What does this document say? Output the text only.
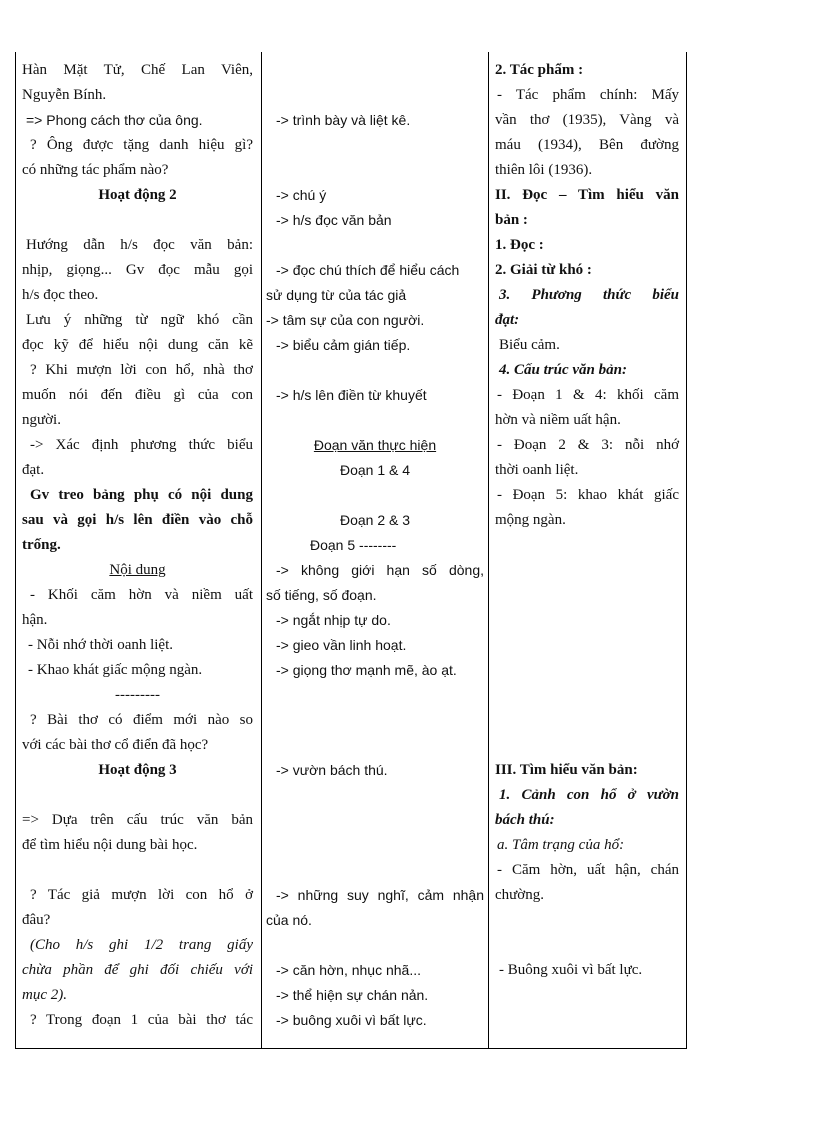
Hàn Mặt Tử, Chế Lan Viên,
Nguyễn Bính.
=> Phong cách thơ của ông.
? Ông được tặng danh hiệu gì?
có những tác phẩm nào?
Hoạt động 2
Hướng dẫn h/s đọc văn bản:
nhịp, giọng... Gv đọc mẫu gọi
h/s đọc theo.
Lưu ý những từ ngữ khó cần
đọc kỹ để hiểu nội dung căn kẽ
? Khi mượn lời con hổ, nhà thơ
muốn nói đến điều gì của con
người.
-> Xác định phương thức biểu
đạt.
Gv treo bảng phụ có nội dung
sau và gọi h/s lên điền vào chỗ
trống.
Nội dung
- Khối căm hờn và niềm uất
hận.
- Nỗi nhớ thời oanh liệt.
- Khao khát giấc mộng ngàn.
---------
? Bài thơ có điểm mới nào so
với các bài thơ cổ điển đã học?
Hoạt động 3
=> Dựa trên cấu trúc văn bản
để tìm hiểu nội dung bài học.
? Tác giả mượn lời con hổ ở
đâu?
(Cho h/s ghi 1/2 trang giấy
chừa phần để ghi đối chiếu với
mục 2).
? Trong đoạn 1 của bài thơ tác
-> trình bày và liệt kê.
-> chú ý
-> h/s đọc văn bản
-> đọc chú thích để hiểu cách
sử dụng từ của tác giả
-> tâm sự của con người.
-> biểu cảm gián tiếp.
-> h/s lên điền từ khuyết
Đoạn văn thực hiện
Đoạn 1 & 4
Đoạn 2 & 3
Đoạn 5 --------
-> không giới hạn số dòng,
số tiếng, số đoạn.
-> ngắt nhịp tự do.
-> gieo vần linh hoạt.
-> giọng thơ mạnh mẽ, ào ạt.
-> vườn bách thú.
-> những suy nghĩ, cảm nhận
của nó.
-> căn hờn, nhục nhã...
-> thể hiện sự chán nản.
-> buông xuôi vì bất lực.
2. Tác phẩm :
- Tác phẩm chính: Mấy
vần thơ (1935), Vàng và
máu (1934), Bên đường
thiên lôi (1936).
II. Đọc – Tìm hiểu văn
bản :
1. Đọc :
2. Giải từ khó :
3. Phương thức biểu
đạt:
Biểu cảm.
4. Cấu trúc văn bản:
- Đoạn 1 & 4: khối căm
hờn và niềm uất hận.
- Đoạn 2 & 3: nỗi nhớ
thời oanh liệt.
- Đoạn 5: khao khát giấc
mộng ngàn.
III. Tìm hiểu văn bản:
1. Cảnh con hổ ở vườn
bách thú:
a. Tâm trạng của hổ:
- Căm hờn, uất hận, chán
chường.
- Buông xuôi vì bất lực.
